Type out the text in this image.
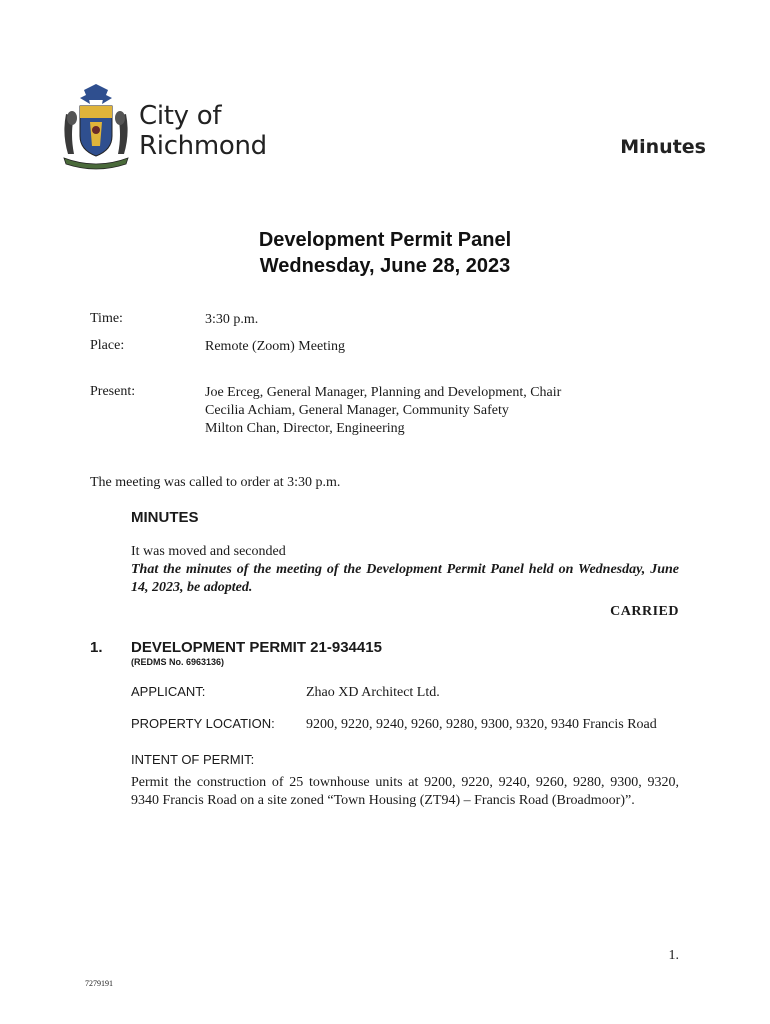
City of
Richmond	Minutes
Development Permit Panel
Wednesday, June 28, 2023
Time:	3:30 p.m.
Place:	Remote (Zoom) Meeting
Present:	Joe Erceg, General Manager, Planning and Development, Chair
Cecilia Achiam, General Manager, Community Safety
Milton Chan, Director, Engineering
The meeting was called to order at 3:30 p.m.
MINUTES
It was moved and seconded
That the minutes of the meeting of the Development Permit Panel held on Wednesday, June 14, 2023, be adopted.
CARRIED
1. DEVELOPMENT PERMIT 21-934415
(REDMS No. 6963136)
APPLICANT:	Zhao XD Architect Ltd.
PROPERTY LOCATION: 9200, 9220, 9240, 9260, 9280, 9300, 9320, 9340 Francis Road
INTENT OF PERMIT:
Permit the construction of 25 townhouse units at 9200, 9220, 9240, 9260, 9280, 9300, 9320, 9340 Francis Road on a site zoned “Town Housing (ZT94) – Francis Road (Broadmoor)”.
1.
7279191
